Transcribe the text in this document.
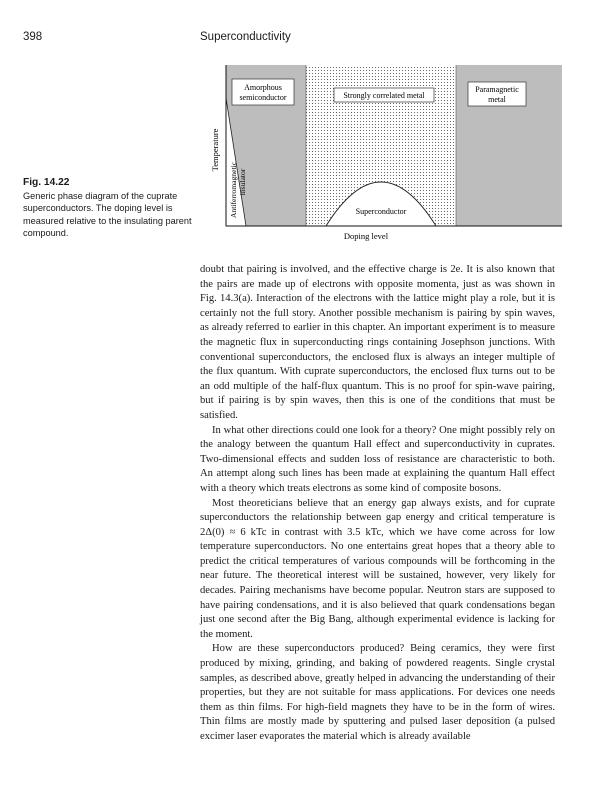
398	Superconductivity
Amorphous
semiconductor	Strongly correlated metal
Paramagnetic
metal
Superconductor
Antiferromagnetic insulator
Temperature
Doping level
Fig. 14.22
Generic phase diagram of the cuprate superconductors. The doping level is measured relative to the insulating parent compound.

doubt that pairing is involved, and the effective charge is 2e. It is also known that the pairs are made up of electrons with opposite momenta, just as was shown in Fig. 14.3(a). Interaction of the electrons with the lattice might play a role, but it is certainly not the full story. Another possible mechanism is pairing by spin waves, as already referred to earlier in this chapter. An important experiment is to measure the magnetic flux in superconducting rings containing Josephson junctions. With conventional superconductors, the enclosed flux is always an integer multiple of the flux quantum. With cuprate superconductors, the enclosed flux turns out to be an odd multiple of the half-flux quantum. This is no proof for spin-wave pairing, but if pairing is by spin waves, then this is one of the conditions that must be satisfied.

In what other directions could one look for a theory? One might possibly rely on the analogy between the quantum Hall effect and superconductivity in cuprates. Two-dimensional effects and sudden loss of resistance are characteristic to both. An attempt along such lines has been made at explaining the quantum Hall effect with a theory which treats electrons as some kind of composite bosons.

Most theoreticians believe that an energy gap always exists, and for cuprate superconductors the relationship between gap energy and critical temperature is 2Δ(0) ≈ 6 kTc in contrast with 3.5 kTc, which we have come across for low temperature superconductors. No one entertains great hopes that a theory able to predict the critical temperatures of various compounds will be forthcoming in the near future. The theoretical interest will be sustained, however, very likely for decades. Pairing mechanisms have become popular. Neutron stars are supposed to have pairing condensations, and it is also believed that quark condensations began just one second after the Big Bang, although experimental evidence is lacking for the moment.

How are these superconductors produced? Being ceramics, they were first produced by mixing, grinding, and baking of powdered reagents. Single crystal samples, as described above, greatly helped in advancing the understanding of their properties, but they are not suitable for mass applications. For devices one needs them as thin films. For high-field magnets they have to be in the form of wires. Thin films are mostly made by sputtering and pulsed laser deposition (a pulsed excimer laser evaporates the material which is already available
